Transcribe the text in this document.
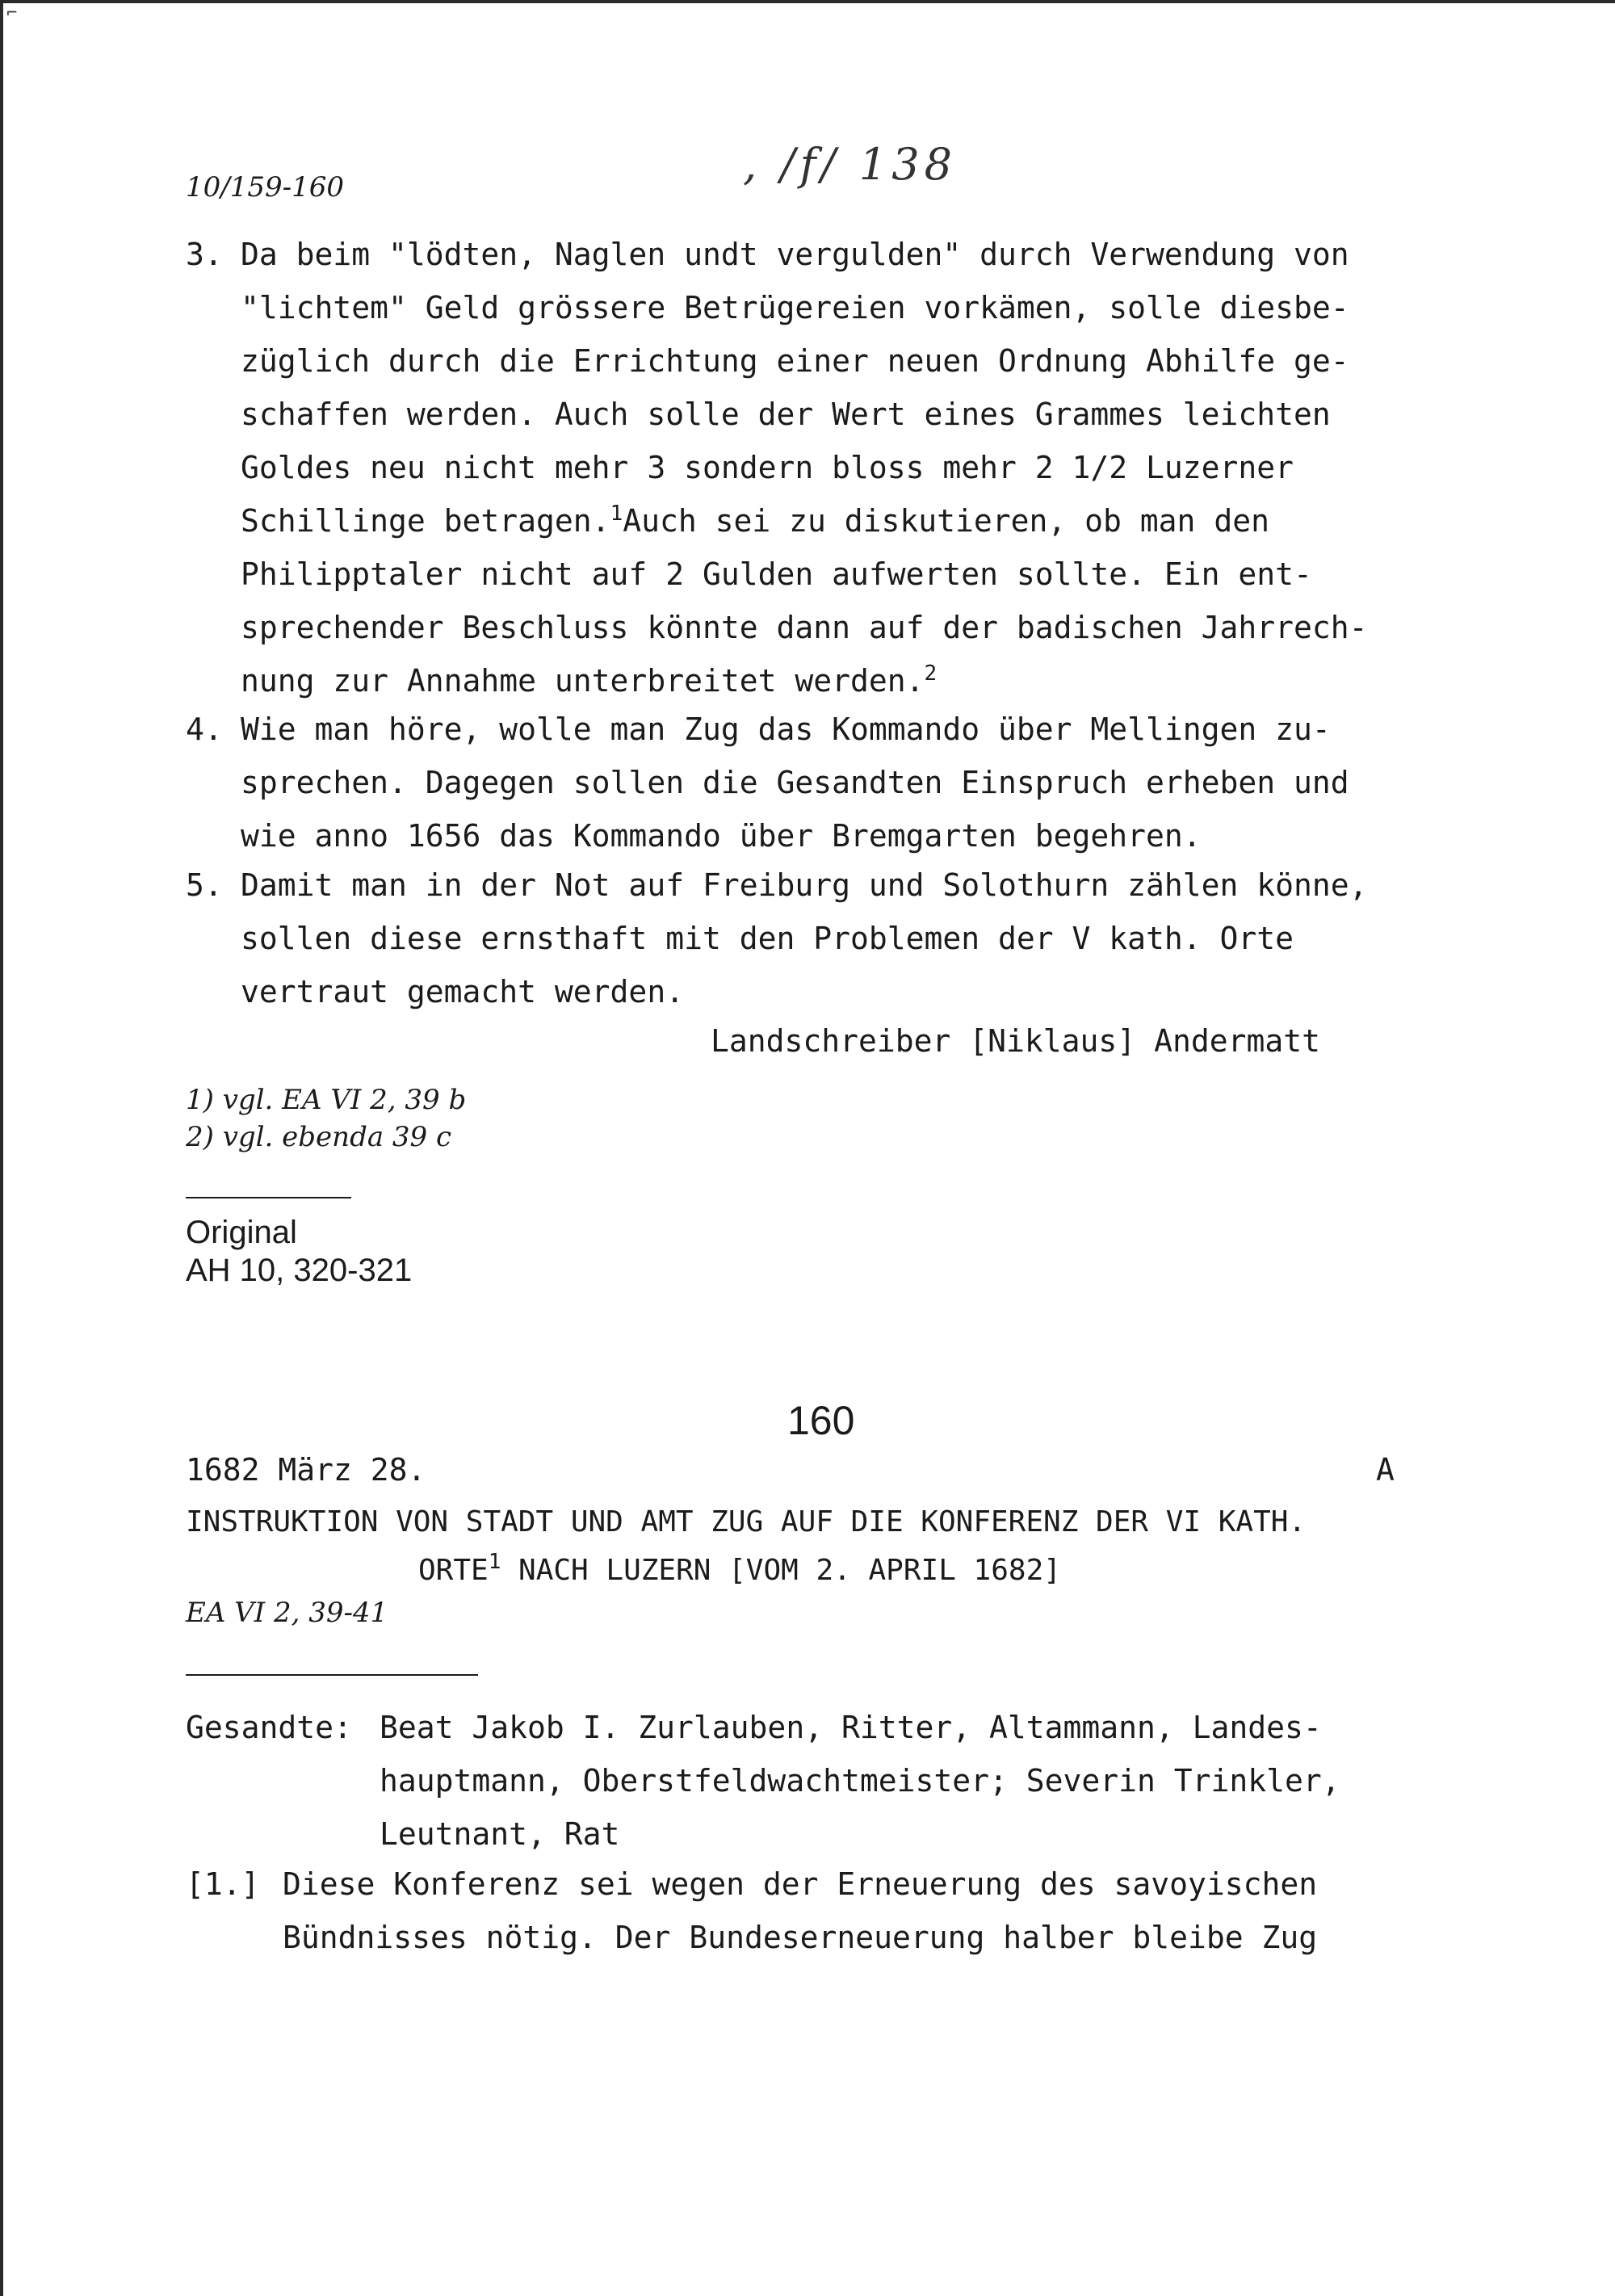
⌐
10/159-160	, /f/ 138
3. Da beim "lödten, Naglen undt vergulden" durch Verwendung von
"lichtem" Geld grössere Betrügereien vorkämen, solle diesbe-
züglich durch die Errichtung einer neuen Ordnung Abhilfe ge-
schaffen werden. Auch solle der Wert eines Grammes leichten
Goldes neu nicht mehr 3 sondern bloss mehr 2 1/2 Luzerner
Schillinge betragen.$^1$Auch sei zu diskutieren, ob man den
Philipptaler nicht auf 2 Gulden aufwerten sollte. Ein ent-
sprechender Beschluss könnte dann auf der badischen Jahrrech-
nung zur Annahme unterbreitet werden.$^2$
4. Wie man höre, wolle man Zug das Kommando über Mellingen zu-
sprechen. Dagegen sollen die Gesandten Einspruch erheben und
wie anno 1656 das Kommando über Bremgarten begehren.
5. Damit man in der Not auf Freiburg und Solothurn zählen könne,
sollen diese ernsthaft mit den Problemen der V kath. Orte
vertraut gemacht werden.
Landschreiber [Niklaus] Andermatt
1) vgl. EA VI 2, 39 b
2) vgl. ebenda 39 c
Original
AH 10, 320-321
160
1682 März 28.	A
INSTRUKTION VON STADT UND AMT ZUG AUF DIE KONFERENZ DER VI KATH.
ORTE$^1$ NACH LUZERN [VOM 2. APRIL 1682]
EA VI 2, 39-41
Gesandte: Beat Jakob I. Zurlauben, Ritter, Altammann, Landes-
hauptmann, Oberstfeldwachtmeister; Severin Trinkler,
Leutnant, Rat
[1.] Diese Konferenz sei wegen der Erneuerung des savoyischen
Bündnisses nötig. Der Bundeserneuerung halber bleibe Zug
